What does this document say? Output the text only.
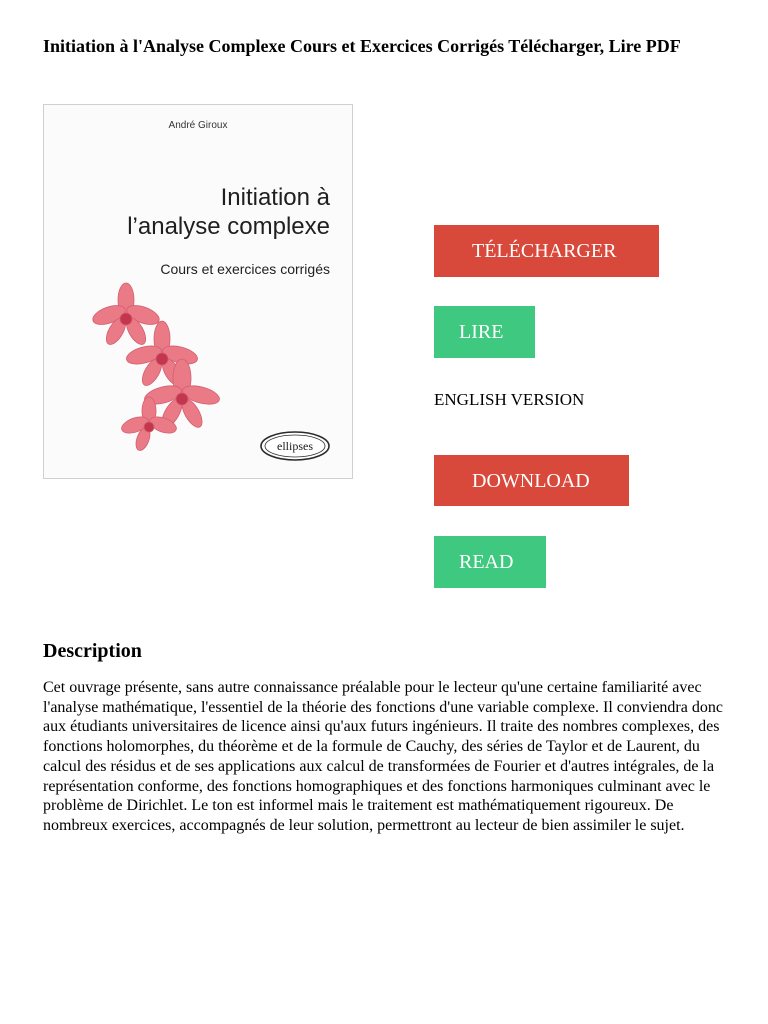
Initiation à l'Analyse Complexe Cours et Exercices Corrigés Télécharger, Lire PDF
André Giroux
Initiation à
l’analyse complexe
Cours et exercices corrigés
ellipses
TÉLÉCHARGER
LIRE
ENGLISH VERSION
DOWNLOAD
READ
Description

Cet ouvrage présente, sans autre connaissance préalable pour le lecteur qu'une certaine familiarité avec l'analyse mathématique, l'essentiel de la théorie des fonctions d'une variable complexe. Il conviendra donc aux étudiants universitaires de licence ainsi qu'aux futurs ingénieurs. Il traite des nombres complexes, des fonctions holomorphes, du théorème et de la formule de Cauchy, des séries de Taylor et de Laurent, du calcul des résidus et de ses applications aux calcul de transformées de Fourier et d'autres intégrales, de la représentation conforme, des fonctions homographiques et des fonctions harmoniques culminant avec le problème de Dirichlet. Le ton est informel mais le traitement est mathématiquement rigoureux. De nombreux exercices, accompagnés de leur solution, permettront au lecteur de bien assimiler le sujet.
